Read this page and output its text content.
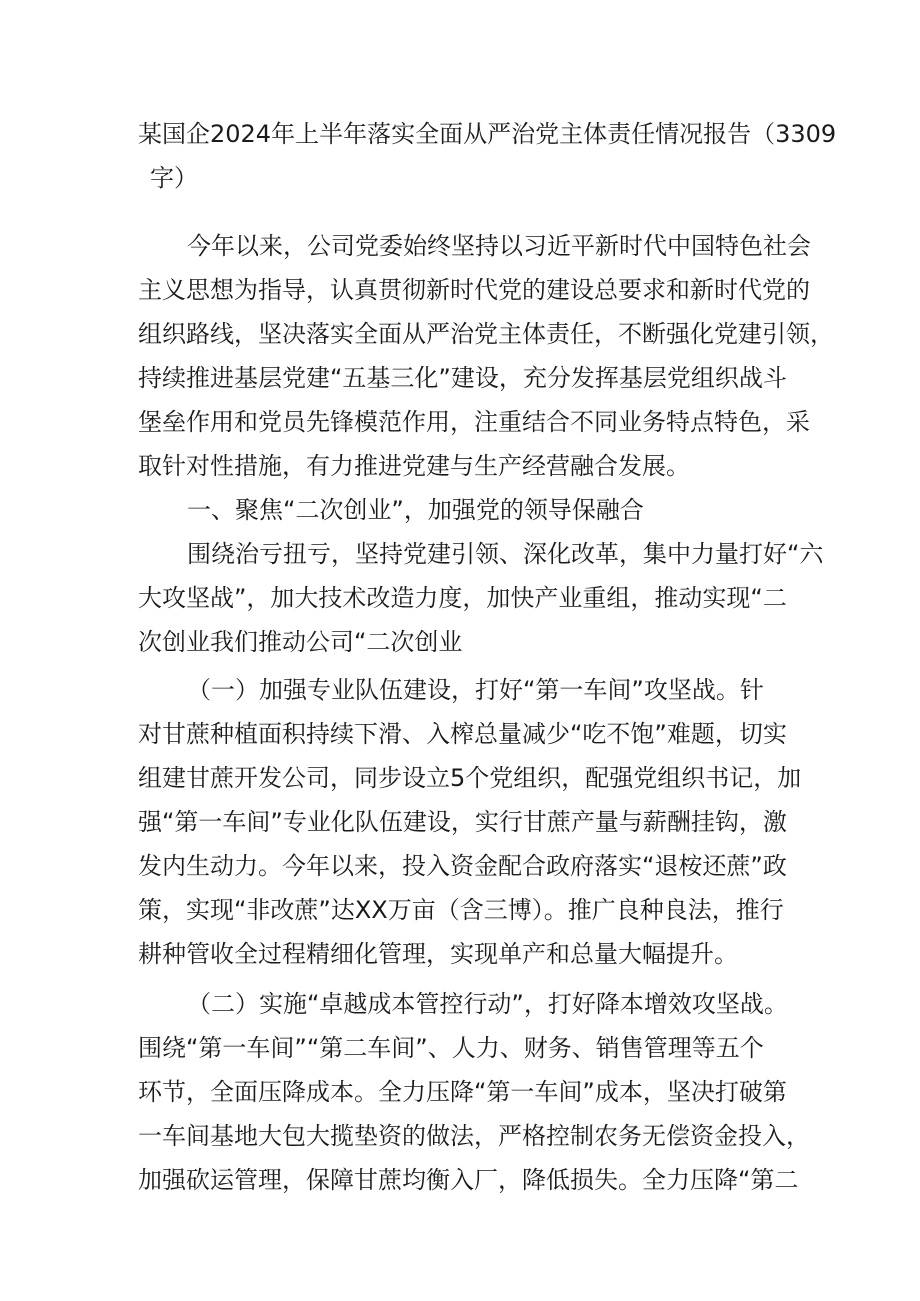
某国企2024年上半年落实全面从严治党主体责任情况报告（3309
字）
今年以来，公司党委始终坚持以习近平新时代中国特色社会
主义思想为指导，认真贯彻新时代党的建设总要求和新时代党的
组织路线，坚决落实全面从严治党主体责任，不断强化党建引领，
持续推进基层党建“五基三化”建设，充分发挥基层党组织战斗
堡垒作用和党员先锋模范作用，注重结合不同业务特点特色，采
取针对性措施，有力推进党建与生产经营融合发展。
一、聚焦“二次创业”，加强党的领导保融合
围绕治亏扭亏，坚持党建引领、深化改革，集中力量打好“六
大攻坚战”，加大技术改造力度，加快产业重组，推动实现“二
次创业我们推动公司“二次创业
（一）加强专业队伍建设，打好“第一车间”攻坚战。针
对甘蔗种植面积持续下滑、入榨总量减少“吃不饱”难题，切实
组建甘蔗开发公司，同步设立5个党组织，配强党组织书记，加
强“第一车间”专业化队伍建设，实行甘蔗产量与薪酬挂钩，激
发内生动力。今年以来，投入资金配合政府落实“退桉还蔗”政
策，实现“非改蔗”达XX万亩（含三博）。推广良种良法，推行
耕种管收全过程精细化管理，实现单产和总量大幅提升。
（二）实施“卓越成本管控行动”，打好降本增效攻坚战。
围绕“第一车间”“第二车间”、人力、财务、销售管理等五个
环节，全面压降成本。全力压降“第一车间”成本，坚决打破第
一车间基地大包大揽垫资的做法，严格控制农务无偿资金投入，
加强砍运管理，保障甘蔗均衡入厂，降低损失。全力压降“第二
